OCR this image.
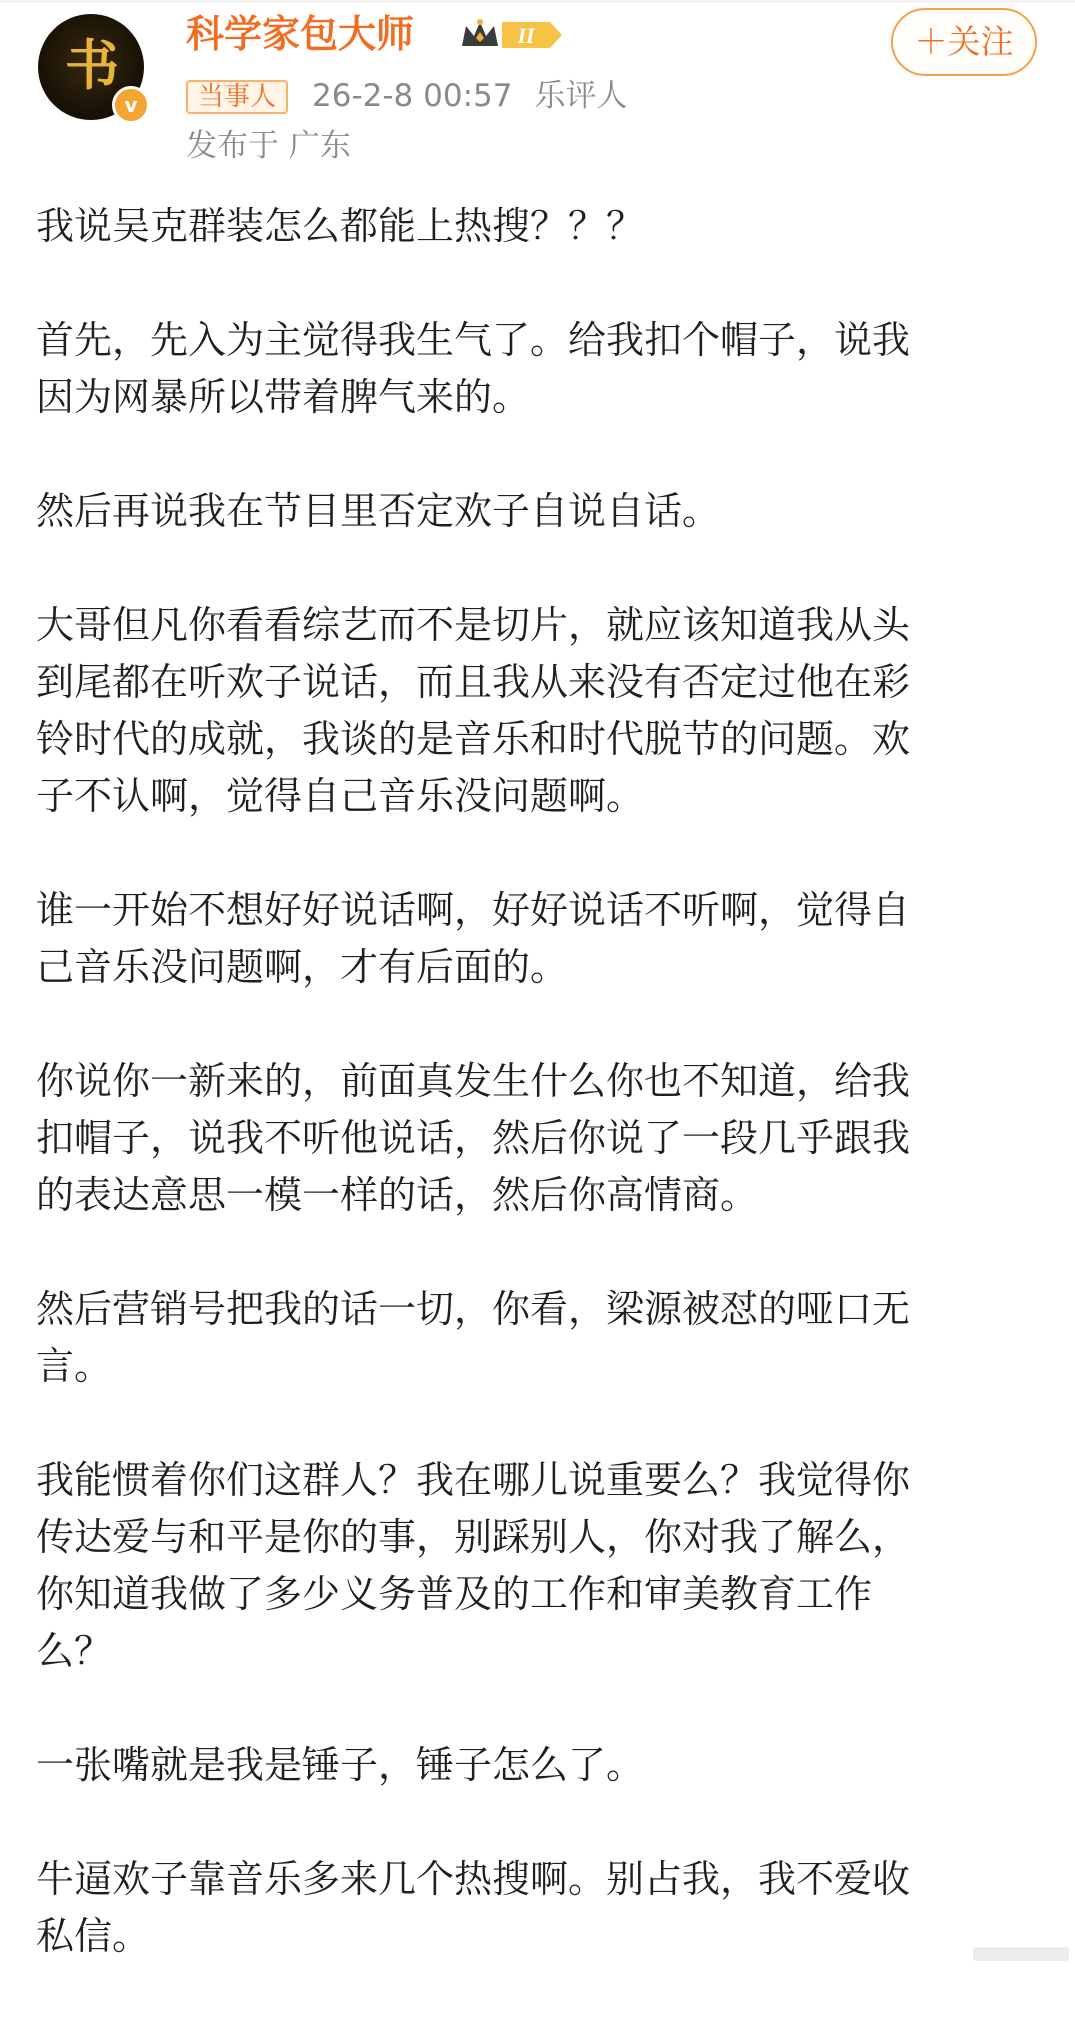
书
v
科学家包大师	II	＋关注
当事人	26-2-8 00:57 乐评人
发布于 广东

我说吴克群装怎么都能上热搜？？？

首先，先入为主觉得我生气了。给我扣个帽子，说我
因为网暴所以带着脾气来的。

然后再说我在节目里否定欢子自说自话。

大哥但凡你看看综艺而不是切片，就应该知道我从头
到尾都在听欢子说话，而且我从来没有否定过他在彩
铃时代的成就，我谈的是音乐和时代脱节的问题。欢
子不认啊，觉得自己音乐没问题啊。

谁一开始不想好好说话啊，好好说话不听啊，觉得自
己音乐没问题啊，才有后面的。

你说你一新来的，前面真发生什么你也不知道，给我
扣帽子，说我不听他说话，然后你说了一段几乎跟我
的表达意思一模一样的话，然后你高情商。

然后营销号把我的话一切，你看，梁源被怼的哑口无
言。

我能惯着你们这群人？我在哪儿说重要么？我觉得你
传达爱与和平是你的事，别踩别人，你对我了解么，
你知道我做了多少义务普及的工作和审美教育工作
么？

一张嘴就是我是锤子，锤子怎么了。

牛逼欢子靠音乐多来几个热搜啊。别占我，我不爱收
私信。
